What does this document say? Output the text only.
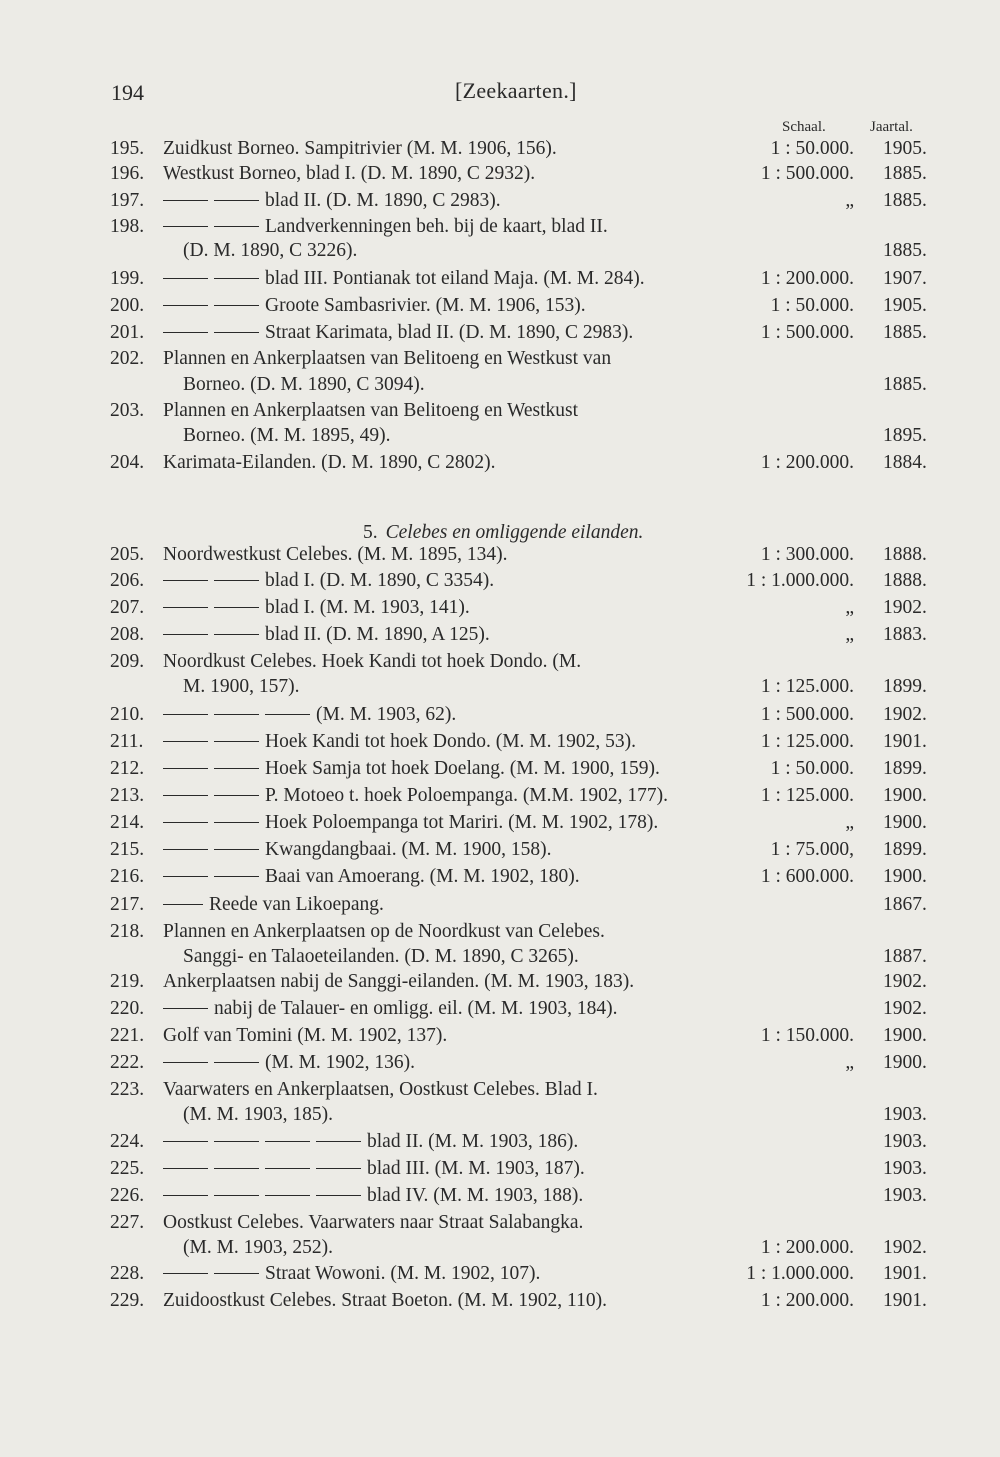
194	[Zeekaarten.]
Schaal.	Jaartal.
5. Celebes en omliggende eilanden.
195. Zuidkust Borneo. Sampitrivier (M. M. 1906, 156).	1 : 50.000. 1905.
196. Westkust Borneo, blad I. (D. M. 1890, C 2932).	1 : 500.000. 1885.
197.	blad II. (D. M. 1890, C 2983).	„ 1885.
198.	Landverkenningen beh. bij de kaart, blad II.
(D. M. 1890, C 3226).	1885.
199.	blad III. Pontianak tot eiland Maja. (M. M. 284).	1 : 200.000. 1907.
200.	Groote Sambasrivier. (M. M. 1906, 153).	1 : 50.000. 1905.
201.	Straat Karimata, blad II. (D. M. 1890, C 2983).	1 : 500.000. 1885.
202. Plannen en Ankerplaatsen van Belitoeng en Westkust van
Borneo. (D. M. 1890, C 3094).	1885.
203. Plannen en Ankerplaatsen van Belitoeng en Westkust
Borneo. (M. M. 1895, 49).	1895.
204. Karimata-Eilanden. (D. M. 1890, C 2802).	1 : 200.000. 1884.
205. Noordwestkust Celebes. (M. M. 1895, 134).	1 : 300.000. 1888.
206.	blad I. (D. M. 1890, C 3354).	1 : 1.000.000. 1888.
207.	blad I. (M. M. 1903, 141).	„ 1902.
208.	blad II. (D. M. 1890, A 125).	„ 1883.
209. Noordkust Celebes. Hoek Kandi tot hoek Dondo. (M.
M. 1900, 157).	1 : 125.000. 1899.
210.	(M. M. 1903, 62).	1 : 500.000. 1902.
211.	Hoek Kandi tot hoek Dondo. (M. M. 1902, 53).	1 : 125.000. 1901.
212.	Hoek Samja tot hoek Doelang. (M. M. 1900, 159).	1 : 50.000. 1899.
213.	P. Motoeo t. hoek Poloempanga. (M.M. 1902, 177).	1 : 125.000. 1900.
214.	Hoek Poloempanga tot Mariri. (M. M. 1902, 178).	„ 1900.
215.	Kwangdangbaai. (M. M. 1900, 158).	1 : 75.000, 1899.
216.	Baai van Amoerang. (M. M. 1902, 180).	1 : 600.000. 1900.
217.	Reede van Likoepang.	1867.
218. Plannen en Ankerplaatsen op de Noordkust van Celebes.
Sanggi- en Talaoeteilanden. (D. M. 1890, C 3265).	1887.
219. Ankerplaatsen nabij de Sanggi-eilanden. (M. M. 1903, 183).	1902.
220.	nabij de Talauer- en omligg. eil. (M. M. 1903, 184).	1902.
221. Golf van Tomini (M. M. 1902, 137).	1 : 150.000. 1900.
222.	(M. M. 1902, 136).	„ 1900.
223. Vaarwaters en Ankerplaatsen, Oostkust Celebes. Blad I.
(M. M. 1903, 185).	1903.
224.	blad II. (M. M. 1903, 186).	1903.
225.	blad III. (M. M. 1903, 187).	1903.
226.	blad IV. (M. M. 1903, 188).	1903.
227. Oostkust Celebes. Vaarwaters naar Straat Salabangka.
(M. M. 1903, 252).	1 : 200.000. 1902.
228.	Straat Wowoni. (M. M. 1902, 107).	1 : 1.000.000. 1901.
229. Zuidoostkust Celebes. Straat Boeton. (M. M. 1902, 110).	1 : 200.000. 1901.
